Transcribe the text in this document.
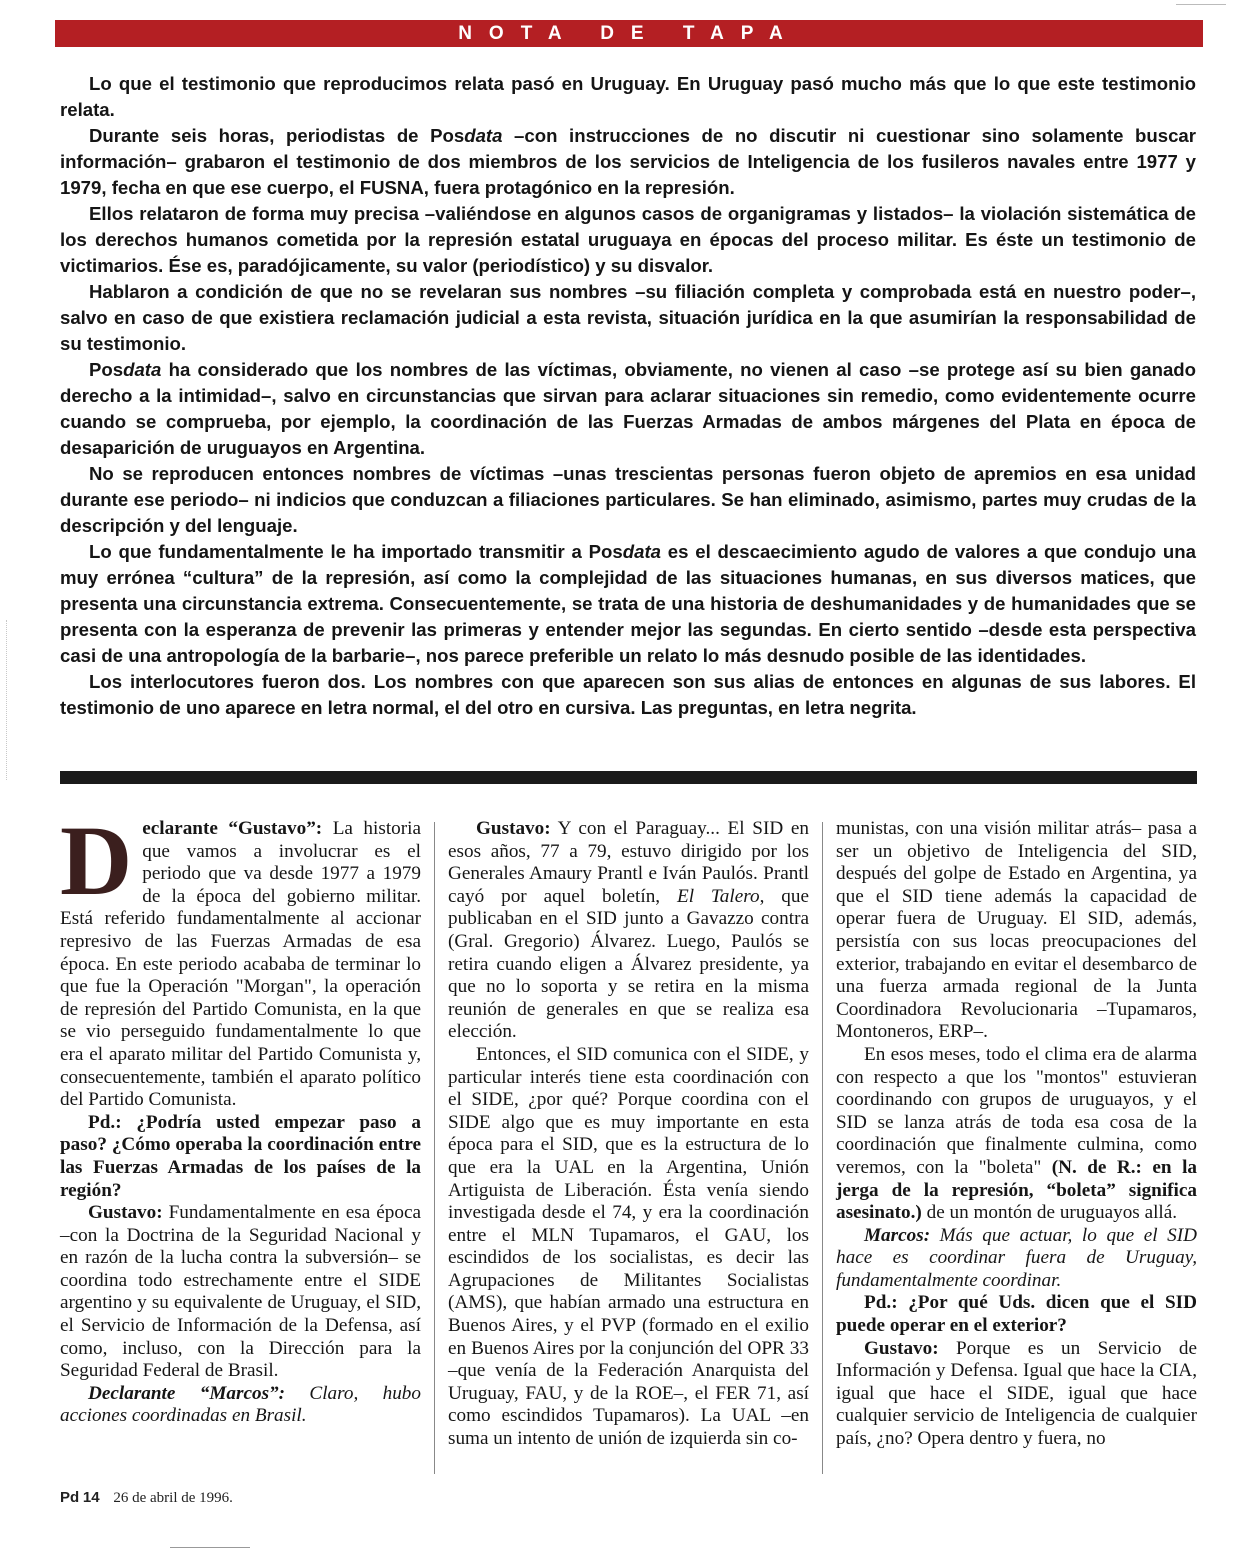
NOTA DE TAPA

Lo que el testimonio que reproducimos relata pasó en Uruguay. En Uruguay pasó mucho más que lo que este testimonio relata.

Durante seis horas, periodistas de Posdata –con instrucciones de no discutir ni cuestionar sino solamente buscar información– grabaron el testimonio de dos miembros de los servicios de Inteligencia de los fusileros navales entre 1977 y 1979, fecha en que ese cuerpo, el FUSNA, fuera protagónico en la represión.

Ellos relataron de forma muy precisa –valiéndose en algunos casos de organigramas y listados– la violación sistemática de los derechos humanos cometida por la represión estatal uruguaya en épocas del proceso militar. Es éste un testimonio de victimarios. Ése es, paradójicamente, su valor (periodístico) y su disvalor.

Hablaron a condición de que no se revelaran sus nombres –su filiación completa y comprobada está en nuestro poder–, salvo en caso de que existiera reclamación judicial a esta revista, situación jurídica en la que asumirían la responsabilidad de su testimonio.

Posdata ha considerado que los nombres de las víctimas, obviamente, no vienen al caso –se protege así su bien ganado derecho a la intimidad–, salvo en circunstancias que sirvan para aclarar situaciones sin remedio, como evidentemente ocurre cuando se comprueba, por ejemplo, la coordinación de las Fuerzas Armadas de ambos márgenes del Plata en época de desaparición de uruguayos en Argentina.

No se reproducen entonces nombres de víctimas –unas trescientas personas fueron objeto de apremios en esa unidad durante ese periodo– ni indicios que conduzcan a filiaciones particulares. Se han eliminado, asimismo, partes muy crudas de la descripción y del lenguaje.

Lo que fundamentalmente le ha importado transmitir a Posdata es el descaecimiento agudo de valores a que condujo una muy errónea “cultura” de la represión, así como la complejidad de las situaciones humanas, en sus diversos matices, que presenta una circunstancia extrema. Consecuentemente, se trata de una historia de deshumanidades y de humanidades que se presenta con la esperanza de prevenir las primeras y entender mejor las segundas. En cierto sentido –desde esta perspectiva casi de una antropología de la barbarie–, nos parece preferible un relato lo más desnudo posible de las identidades.

Los interlocutores fueron dos. Los nombres con que aparecen son sus alias de entonces en algunas de sus labores. El testimonio de uno aparece en letra normal, el del otro en cursiva. Las preguntas, en letra negrita.

Declarante “Gustavo”: La historia que vamos a involucrar es el periodo que va desde 1977 a 1979 de la época del gobierno militar. Está referido fundamentalmente al accionar represivo de las Fuerzas Armadas de esa época. En este periodo acababa de terminar lo que fue la Operación "Morgan", la operación de represión del Partido Comunista, en la que se vio perseguido fundamentalmente lo que era el aparato militar del Partido Comunista y, consecuentemente, también el aparato político del Partido Comunista.

Pd.: ¿Podría usted empezar paso a paso? ¿Cómo operaba la coordinación entre las Fuerzas Armadas de los países de la región?

Gustavo: Fundamentalmente en esa época –con la Doctrina de la Seguridad Nacional y en razón de la lucha contra la subversión– se coordina todo estrechamente entre el SIDE argentino y su equivalente de Uruguay, el SID, el Servicio de Información de la Defensa, así como, incluso, con la Dirección para la Seguridad Federal de Brasil.

Declarante “Marcos”: Claro, hubo acciones coordinadas en Brasil.

Gustavo: Y con el Paraguay... El SID en esos años, 77 a 79, estuvo dirigido por los Generales Amaury Prantl e Iván Paulós. Prantl cayó por aquel boletín, El Talero, que publicaban en el SID junto a Gavazzo contra (Gral. Gregorio) Álvarez. Luego, Paulós se retira cuando eligen a Álvarez presidente, ya que no lo soporta y se retira en la misma reunión de generales en que se realiza esa elección.

Entonces, el SID comunica con el SIDE, y particular interés tiene esta coordinación con el SIDE, ¿por qué? Porque coordina con el SIDE algo que es muy importante en esta época para el SID, que es la estructura de lo que era la UAL en la Argentina, Unión Artiguista de Liberación. Ésta venía siendo investigada desde el 74, y era la coordinación entre el MLN Tupamaros, el GAU, los escindidos de los socialistas, es decir las Agrupaciones de Militantes Socialistas (AMS), que habían armado una estructura en Buenos Aires, y el PVP (formado en el exilio en Buenos Aires por la conjunción del OPR 33 –que venía de la Federación Anarquista del Uruguay, FAU, y de la ROE–, el FER 71, así como escindidos Tupamaros). La UAL –en suma un intento de unión de izquierda sin co-

munistas, con una visión militar atrás– pasa a ser un objetivo de Inteligencia del SID, después del golpe de Estado en Argentina, ya que el SID tiene además la capacidad de operar fuera de Uruguay. El SID, además, persistía con sus locas preocupaciones del exterior, trabajando en evitar el desembarco de una fuerza armada regional de la Junta Coordinadora Revolucionaria –Tupamaros, Montoneros, ERP–.

En esos meses, todo el clima era de alarma con respecto a que los "montos" estuvieran coordinando con grupos de uruguayos, y el SID se lanza atrás de toda esa cosa de la coordinación que finalmente culmina, como veremos, con la "boleta" (N. de R.: en la jerga de la represión, “boleta” significa asesinato.) de un montón de uruguayos allá.

Marcos: Más que actuar, lo que el SID hace es coordinar fuera de Uruguay, fundamentalmente coordinar.

Pd.: ¿Por qué Uds. dicen que el SID puede operar en el exterior?

Gustavo: Porque es un Servicio de Información y Defensa. Igual que hace la CIA, igual que hace el SIDE, igual que hace cualquier servicio de Inteligencia de cualquier país, ¿no? Opera dentro y fuera, no

Pd 14 26 de abril de 1996.
